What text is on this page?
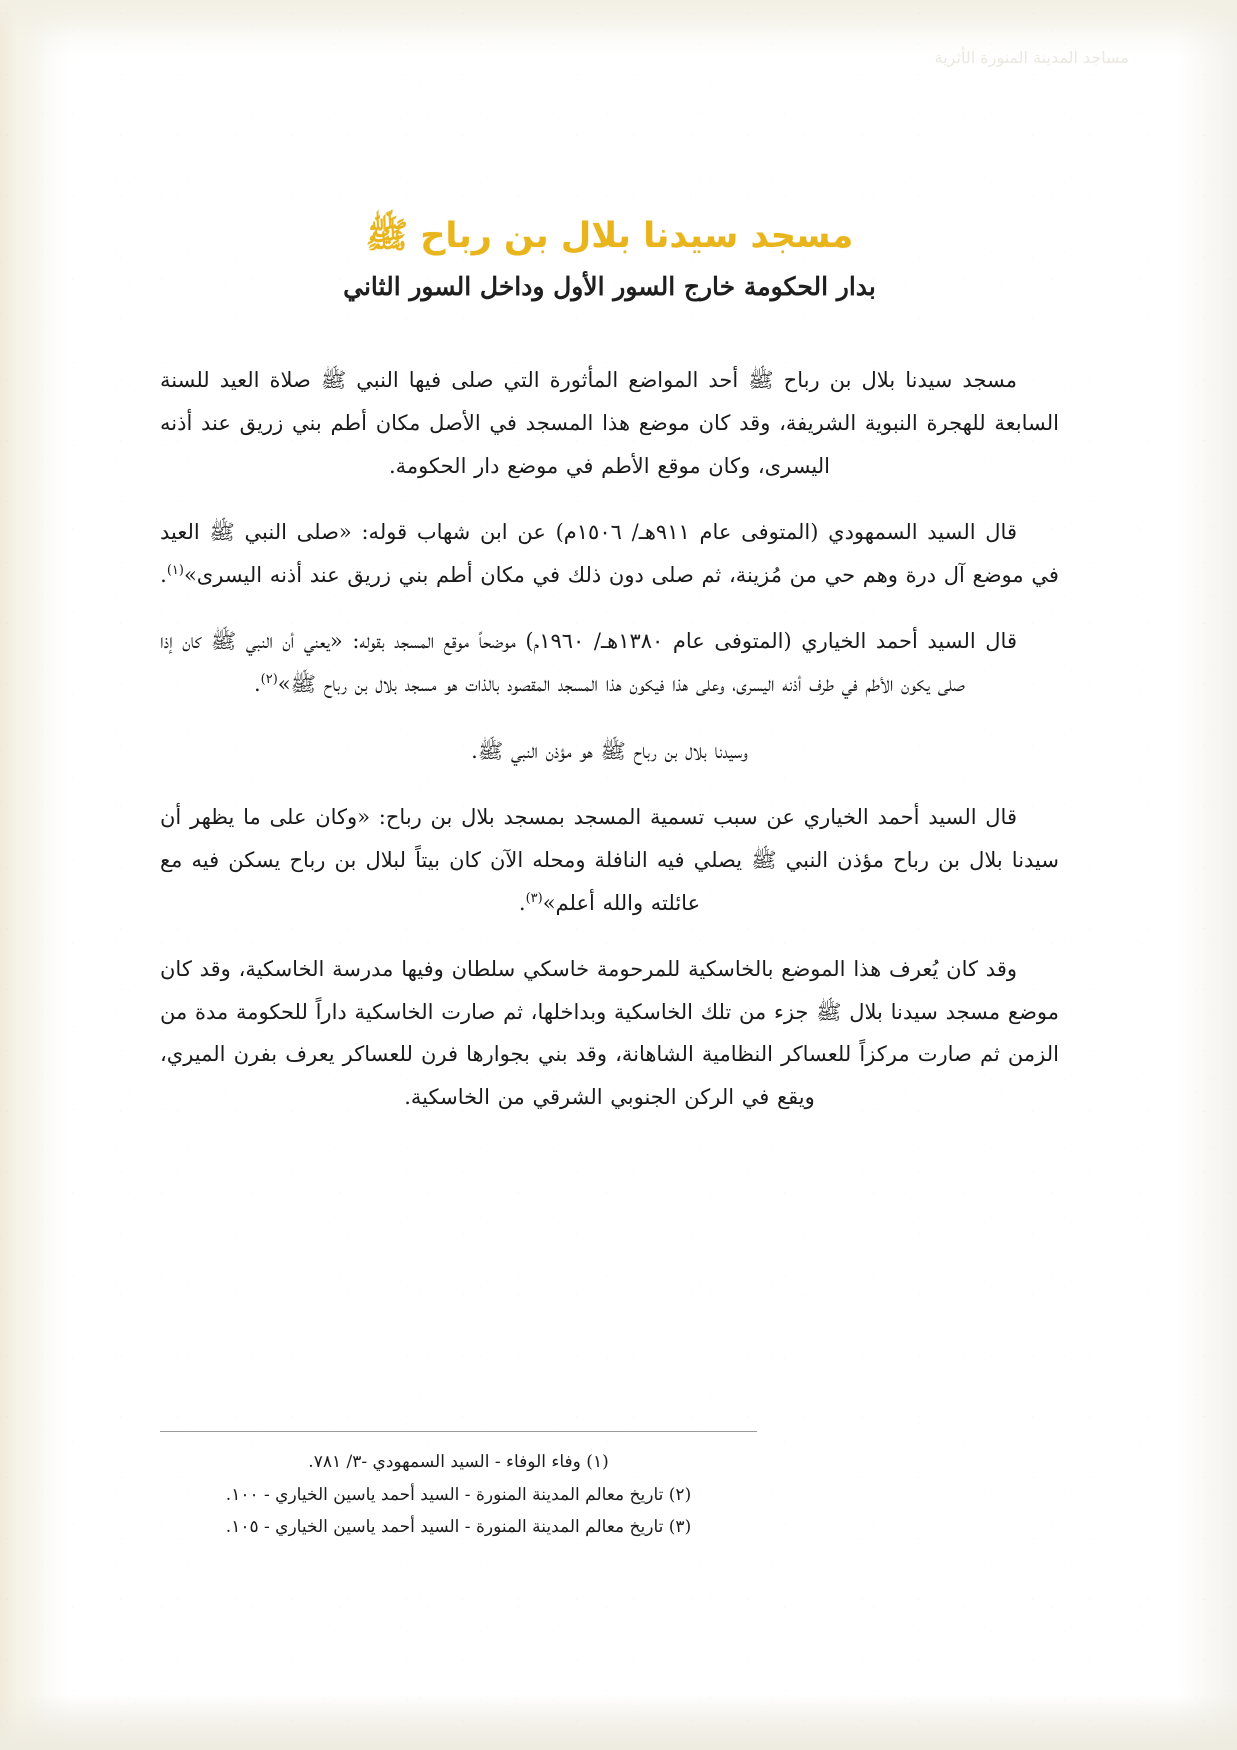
مساجد المدينة المنورة الأثرية
مسجد سيدنا بلال بن رباح ﷺ
بدار الحكومة خارج السور الأول وداخل السور الثاني

مسجد سيدنا بلال بن رباح ﷺ أحد المواضع المأثورة التي صلى فيها النبي ﷺ صلاة العيد للسنة السابعة للهجرة النبوية الشريفة، وقد كان موضع هذا المسجد في الأصل مكان أطم بني زريق عند أذنه اليسرى، وكان موقع الأطم في موضع دار الحكومة.

قال السيد السمهودي (المتوفى عام ٩١١هـ/ ١٥٠٦م) عن ابن شهاب قوله: «صلى النبي ﷺ العيد في موضع آل درة وهم حي من مُزينة، ثم صلى دون ذلك في مكان أطم بني زريق عند أذنه اليسرى»$^{(١)}$.

قال السيد أحمد الخياري (المتوفى عام ١٣٨٠هـ/ ١٩٦٠م) موضحاً موقع المسجد بقوله: «يعني أن النبي ﷺ كان إذا صلى يكون الأطم في طرف أذنه اليسرى، وعلى هذا فيكون هذا المسجد المقصود بالذات هو مسجد بلال بن رباح ﷺ»$^{(٢)}$.

وسيدنا بلال بن رباح ﷺ هو مؤذن النبي ﷺ.

قال السيد أحمد الخياري عن سبب تسمية المسجد بمسجد بلال بن رباح: «وكان على ما يظهر أن سيدنا بلال بن رباح مؤذن النبي ﷺ يصلي فيه النافلة ومحله الآن كان بيتاً لبلال بن رباح يسكن فيه مع عائلته والله أعلم»$^{(٣)}$.

وقد كان يُعرف هذا الموضع بالخاسكية للمرحومة خاسكي سلطان وفيها مدرسة الخاسكية، وقد كان موضع مسجد سيدنا بلال ﷺ جزء من تلك الخاسكية وبداخلها، ثم صارت الخاسكية داراً للحكومة مدة من الزمن ثم صارت مركزاً للعساكر النظامية الشاهانة، وقد بني بجوارها فرن للعساكر يعرف بفرن الميري، ويقع في الركن الجنوبي الشرقي من الخاسكية.

(١) وفاء الوفاء - السيد السمهودي -٣/ ٧٨١.
(٢) تاريخ معالم المدينة المنورة - السيد أحمد ياسين الخياري - ١٠٠.
(٣) تاريخ معالم المدينة المنورة - السيد أحمد ياسين الخياري - ١٠٥.
